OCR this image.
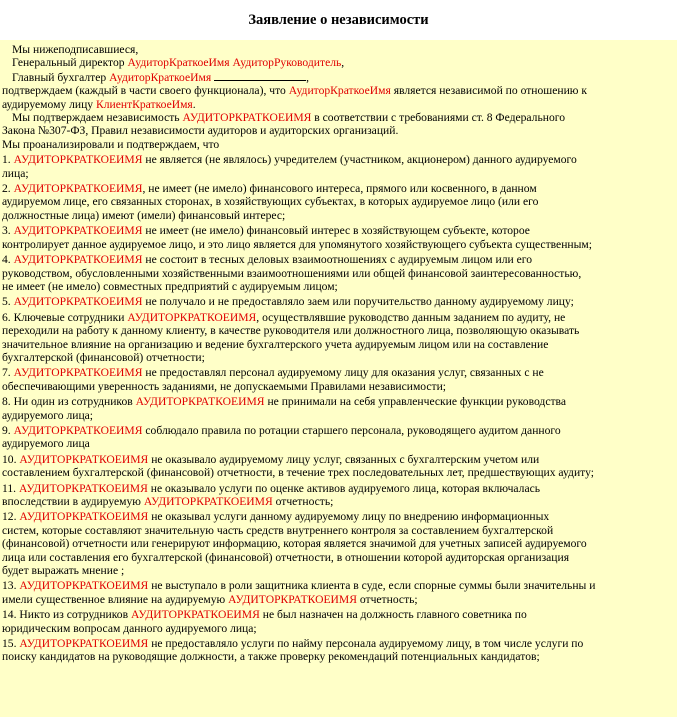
Заявление о независимости
Мы нижеподписавшиеся,
Генеральный директор АудиторКраткоеИмя АудиторРуководитель,
Главный бухгалтер АудиторКраткоеИмя	,
подтверждаем (каждый в части своего функционала), что АудиторКраткоеИмя является независимой по отношению к
аудируемому лицу КлиентКраткоеИмя.
Мы подтверждаем независимость АУДИТОРКРАТКОЕИМЯ в соответствии с требованиями ст. 8 Федерального
Закона №307-ФЗ, Правил независимости аудиторов и аудиторских организаций.
Мы проанализировали и подтверждаем, что
1. АУДИТОРКРАТКОЕИМЯ не является (не являлось) учредителем (участником, акционером) данного аудируемого
лица;
2. АУДИТОРКРАТКОЕИМЯ, не имеет (не имело) финансового интереса, прямого или косвенного, в данном
аудируемом лице, его связанных сторонах, в хозяйствующих субъектах, в которых аудируемое лицо (или его
должностные лица) имеют (имели) финансовый интерес;
3. АУДИТОРКРАТКОЕИМЯ не имеет (не имело) финансовый интерес в хозяйствующем субъекте, которое
контролирует данное аудируемое лицо, и это лицо является для упомянутого хозяйствующего субъекта существенным;
4. АУДИТОРКРАТКОЕИМЯ не состоит в тесных деловых взаимоотношениях с аудируемым лицом или его
руководством, обусловленными хозяйственными взаимоотношениями или общей финансовой заинтересованностью,
не имеет (не имело) совместных предприятий с аудируемым лицом;
5. АУДИТОРКРАТКОЕИМЯ не получало и не предоставляло заем или поручительство данному аудируемому лицу;
6. Ключевые сотрудники АУДИТОРКРАТКОЕИМЯ, осуществлявшие руководство данным заданием по аудиту, не
переходили на работу к данному клиенту, в качестве руководителя или должностного лица, позволяющую оказывать
значительное влияние на организацию и ведение бухгалтерского учета аудируемым лицом или на составление
бухгалтерской (финансовой) отчетности;
7. АУДИТОРКРАТКОЕИМЯ не предоставлял персонал аудируемому лицу для оказания услуг, связанных с не
обеспечивающими уверенность заданиями, не допускаемыми Правилами независимости;
8. Ни один из сотрудников АУДИТОРКРАТКОЕИМЯ не принимали на себя управленческие функции руководства
аудируемого лица;
9. АУДИТОРКРАТКОЕИМЯ соблюдало правила по ротации старшего персонала, руководящего аудитом данного
аудируемого лица
10. АУДИТОРКРАТКОЕИМЯ не оказывало аудируемому лицу услуг, связанных с бухгалтерским учетом или
составлением бухгалтерской (финансовой) отчетности, в течение трех последовательных лет, предшествующих аудиту;
11. АУДИТОРКРАТКОЕИМЯ не оказывало услуги по оценке активов аудируемого лица, которая включалась
впоследствии в аудируемую АУДИТОРКРАТКОЕИМЯ отчетность;
12. АУДИТОРКРАТКОЕИМЯ не оказывал услуги данному аудируемому лицу по внедрению информационных
систем, которые составляют значительную часть средств внутреннего контроля за составлением бухгалтерской
(финансовой) отчетности или генерируют информацию, которая является значимой для учетных записей аудируемого
лица или составления его бухгалтерской (финансовой) отчетности, в отношении которой аудиторская организация
будет выражать мнение ;
13. АУДИТОРКРАТКОЕИМЯ не выступало в роли защитника клиента в суде, если спорные суммы были значительны и
имели существенное влияние на аудируемую АУДИТОРКРАТКОЕИМЯ отчетность;
14. Никто из сотрудников АУДИТОРКРАТКОЕИМЯ не был назначен на должность главного советника по
юридическим вопросам данного аудируемого лица;
15. АУДИТОРКРАТКОЕИМЯ не предоставляло услуги по найму персонала аудируемому лицу, в том числе услуги по
поиску кандидатов на руководящие должности, а также проверку рекомендаций потенциальных кандидатов;
